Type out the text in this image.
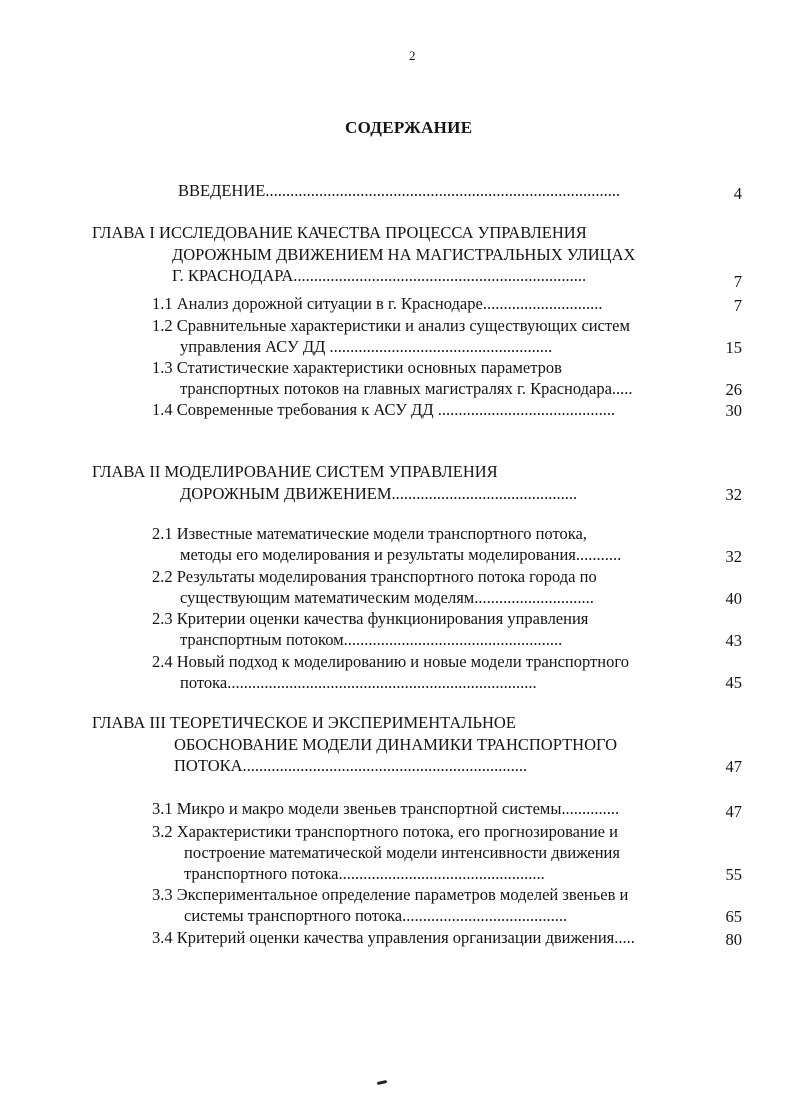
2
СОДЕРЖАНИЕ
ВВЕДЕНИЕ......................................................................................	4
ГЛАВА I ИССЛЕДОВАНИЕ КАЧЕСТВА ПРОЦЕССА УПРАВЛЕНИЯ
ДОРОЖНЫМ ДВИЖЕНИЕМ НА МАГИСТРАЛЬНЫХ УЛИЦАХ
Г. КРАСНОДАРА.......................................................................	7
1.1 Анализ дорожной ситуации в г. Краснодаре.............................	7
1.2 Сравнительные характеристики и анализ существующих систем
управления АСУ ДД ......................................................	15
1.3 Статистические характеристики основных параметров
транспортных потоков на главных магистралях г. Краснодара.....	26
1.4 Современные требования к АСУ ДД ...........................................	30
ГЛАВА II МОДЕЛИРОВАНИЕ СИСТЕМ УПРАВЛЕНИЯ
ДОРОЖНЫМ ДВИЖЕНИЕМ.............................................	32
2.1 Известные математические модели транспортного потока,
методы его моделирования и результаты моделирования...........	32
2.2 Результаты моделирования транспортного потока города по
существующим математическим моделям.............................	40
2.3 Критерии оценки качества функционирования управления
транспортным потоком.....................................................	43
2.4 Новый подход к моделированию и новые модели транспортного
потока...........................................................................	45
ГЛАВА III ТЕОРЕТИЧЕСКОЕ И ЭКСПЕРИМЕНТАЛЬНОЕ
ОБОСНОВАНИЕ МОДЕЛИ ДИНАМИКИ ТРАНСПОРТНОГО
ПОТОКА.....................................................................	47
3.1 Микро и макро модели звеньев транспортной системы..............	47
3.2 Характеристики транспортного потока, его прогнозирование и
построение математической модели интенсивности движения
транспортного потока..................................................	55
3.3 Экспериментальное определение параметров моделей звеньев и
системы транспортного потока........................................	65
3.4 Критерий оценки качества управления организации движения.....	80
